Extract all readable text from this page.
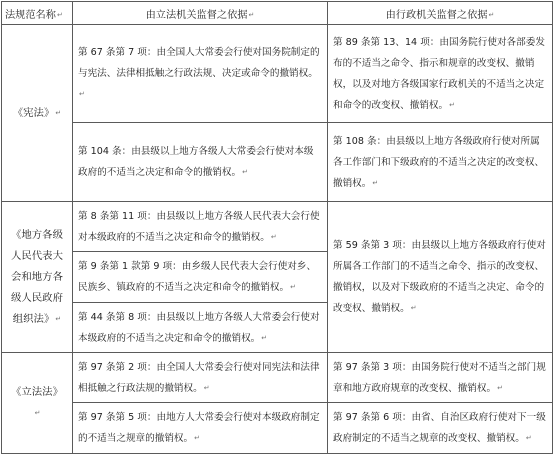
法规范名称↵	由立法机关监督之依据↵	由行政机关监督之依据↵
《宪法》↵	第 67 条第 7 项：由全国人大常委会行使对国务院制定的与宪法、法律相抵触之行政法规、决定或命令的撤销权。↵	第 89 条第 13、14 项：由国务院行使对各部委发布的不适当之命令、指示和规章的改变权、撤销权，以及对地方各级国家行政机关的不适当之决定和命令的改变权、撤销权。↵
	第 104 条：由县级以上地方各级人大常委会行使对本级政府的不适当之决定和命令的撤销权。↵	第 108 条：由县级以上地方各级政府行使对所属各工作部门和下级政府的不适当之决定的改变权、撤销权。↵
《地方各级人民代表大会和地方各级人民政府组织法》↵	第 8 条第 11 项：由县级以上地方各级人民代表大会行使对本级政府的不适当之决定和命令的撤销权。↵	第 59 条第 3 项：由县级以上地方各级政府行使对所属各工作部门的不适当之命令、指示的改变权、撤销权，以及对下级政府的不适当之决定、命令的改变权、撤销权。↵
	第 9 条第 1 款第 9 项：由乡级人民代表大会行使对乡、民族乡、镇政府的不适当之决定和命令的撤销权。↵	
	第 44 条第 8 项：由县级以上地方各级人大常委会行使对本级政府的不适当之决定和命令的撤销权。↵	
《立法法》↵	第 97 条第 2 项：由全国人大常委会行使对同宪法和法律相抵触之行政法规的撤销权。↵	第 97 条第 3 项：由国务院行使对不适当之部门规章和地方政府规章的改变权、撤销权。↵
	第 97 条第 5 项：由地方人大常委会行使对本级政府制定的不适当之规章的撤销权。↵	第 97 条第 6 项：由省、自治区政府行使对下一级政府制定的不适当之规章的改变权、撤销权。↵
